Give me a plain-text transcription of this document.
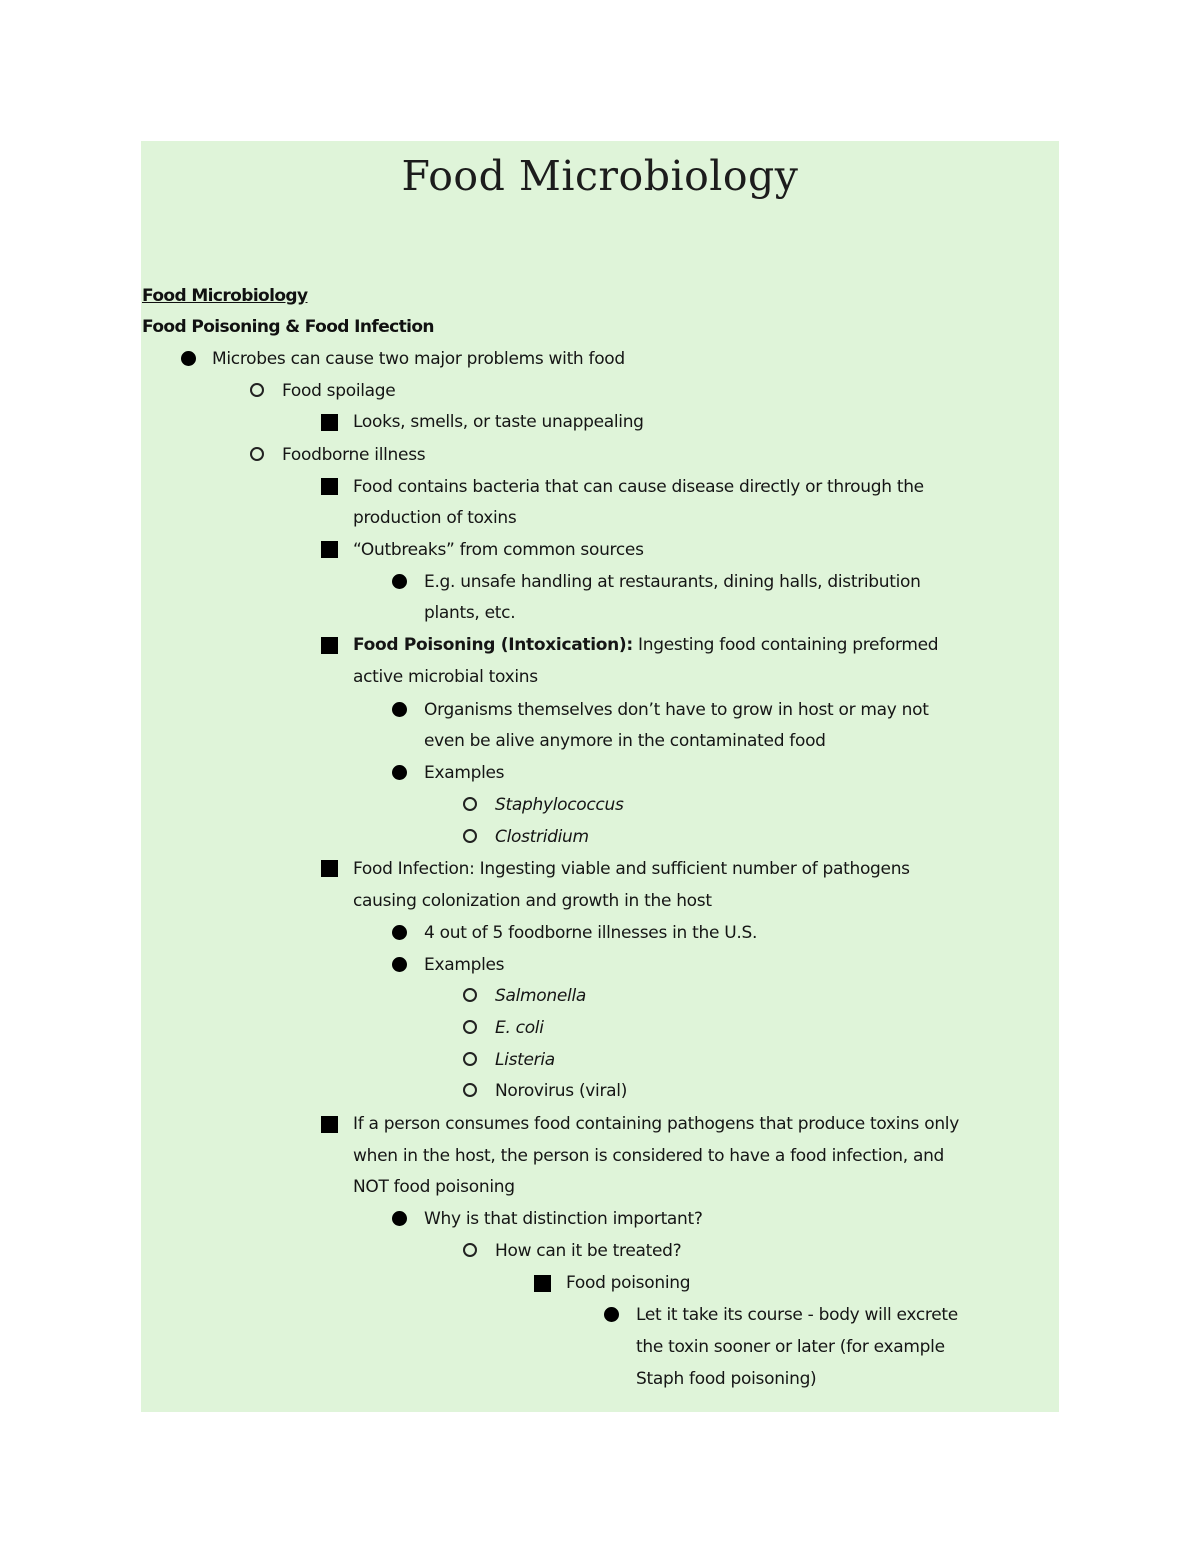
Food Microbiology
Food Microbiology
Food Poisoning & Food Infection
Microbes can cause two major problems with food
Food spoilage
Looks, smells, or taste unappealing
Foodborne illness
Food contains bacteria that can cause disease directly or through the
production of toxins
“Outbreaks” from common sources
E.g. unsafe handling at restaurants, dining halls, distribution
plants, etc.
Food Poisoning (Intoxication): Ingesting food containing preformed
active microbial toxins
Organisms themselves don’t have to grow in host or may not
even be alive anymore in the contaminated food
Examples
Staphylococcus
Clostridium
Food Infection: Ingesting viable and sufficient number of pathogens
causing colonization and growth in the host
4 out of 5 foodborne illnesses in the U.S.
Examples
Salmonella
E. coli
Listeria
Norovirus (viral)
If a person consumes food containing pathogens that produce toxins only
when in the host, the person is considered to have a food infection, and
NOT food poisoning
Why is that distinction important?
How can it be treated?
Food poisoning
Let it take its course - body will excrete
the toxin sooner or later (for example
Staph food poisoning)
